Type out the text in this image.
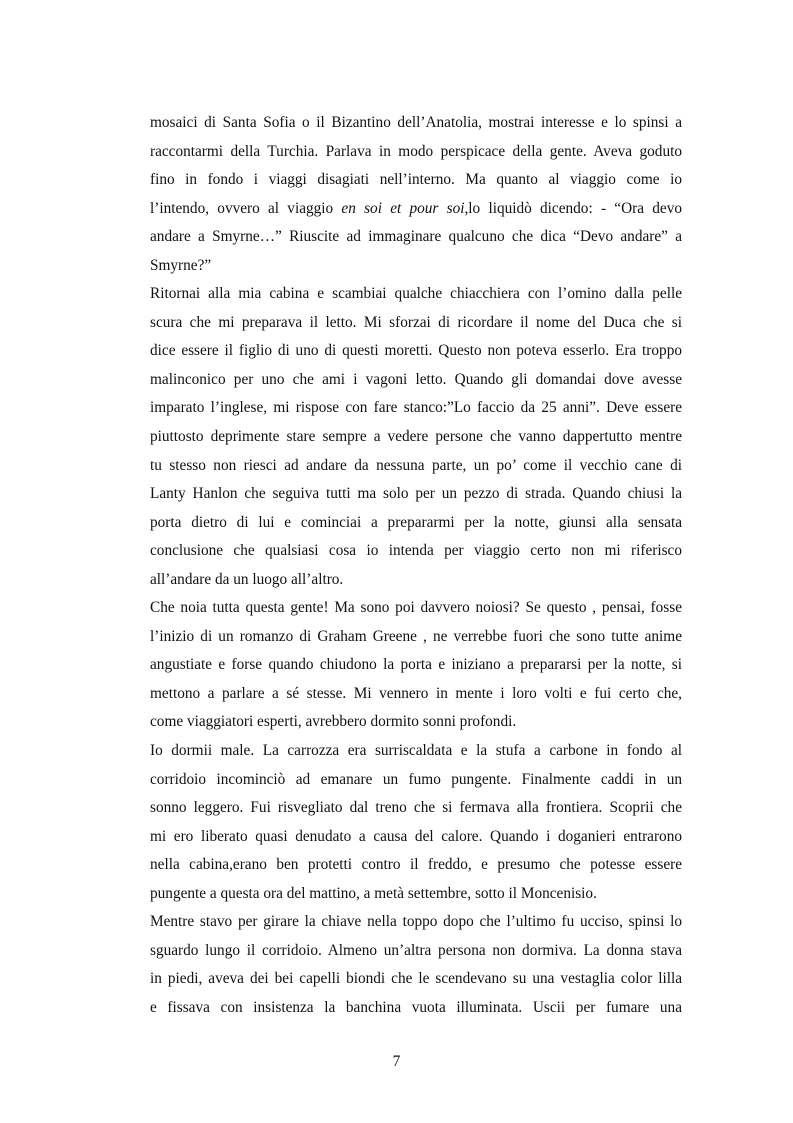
mosaici di Santa Sofia o il Bizantino dell’Anatolia, mostrai interesse e lo spinsi a
raccontarmi della Turchia. Parlava in modo perspicace della gente. Aveva goduto
fino in fondo i viaggi disagiati nell’interno. Ma quanto al viaggio come io
l’intendo, ovvero al viaggio en soi et pour soi,lo liquidò dicendo: - “Ora devo
andare a Smyrne…” Riuscite ad immaginare qualcuno che dica “Devo andare” a
Smyrne?”
Ritornai alla mia cabina e scambiai qualche chiacchiera con l’omino dalla pelle
scura che mi preparava il letto. Mi sforzai di ricordare il nome del Duca che si
dice essere il figlio di uno di questi moretti. Questo non poteva esserlo. Era troppo
malinconico per uno che ami i vagoni letto. Quando gli domandai dove avesse
imparato l’inglese, mi rispose con fare stanco:”Lo faccio da 25 anni”. Deve essere
piuttosto deprimente stare sempre a vedere persone che vanno dappertutto mentre
tu stesso non riesci ad andare da nessuna parte, un po’ come il vecchio cane di
Lanty Hanlon che seguiva tutti ma solo per un pezzo di strada. Quando chiusi la
porta dietro di lui e cominciai a prepararmi per la notte, giunsi alla sensata
conclusione che qualsiasi cosa io intenda per viaggio certo non mi riferisco
all’andare da un luogo all’altro.
Che noia tutta questa gente! Ma sono poi davvero noiosi? Se questo , pensai, fosse
l’inizio di un romanzo di Graham Greene , ne verrebbe fuori che sono tutte anime
angustiate e forse quando chiudono la porta e iniziano a prepararsi per la notte, si
mettono a parlare a sé stesse. Mi vennero in mente i loro volti e fui certo che,
come viaggiatori esperti, avrebbero dormito sonni profondi.
Io dormii male. La carrozza era surriscaldata e la stufa a carbone in fondo al
corridoio incominciò ad emanare un fumo pungente. Finalmente caddi in un
sonno leggero. Fui risvegliato dal treno che si fermava alla frontiera. Scoprii che
mi ero liberato quasi denudato a causa del calore. Quando i doganieri entrarono
nella cabina,erano ben protetti contro il freddo, e presumo che potesse essere
pungente a questa ora del mattino, a metà settembre, sotto il Moncenisio.
Mentre stavo per girare la chiave nella toppo dopo che l’ultimo fu ucciso, spinsi lo
sguardo lungo il corridoio. Almeno un’altra persona non dormiva. La donna stava
in piedi, aveva dei bei capelli biondi che le scendevano su una vestaglia color lilla
e fissava con insistenza la banchina vuota illuminata. Uscii per fumare una
7
